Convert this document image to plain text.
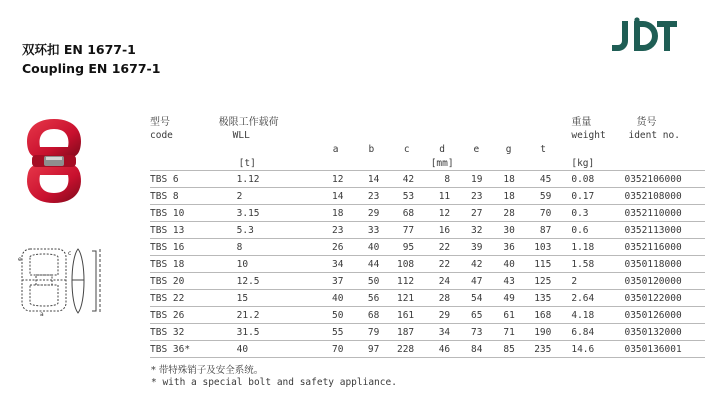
双环扣 EN 1677-1
Coupling EN 1677-1
JDT
e
a
c
型号	极限工作载荷								重量	货号
code	WLL								weight	ident no.
		a	b	c	d	e	g	t		
	[t]				[mm]				[kg]	
TBS 6	1.12	12	14	42	8	19	18	45	0.08	0352106000
TBS 8	2	14	23	53	11	23	18	59	0.17	0352108000
TBS 10	3.15	18	29	68	12	27	28	70	0.3	0352110000
TBS 13	5.3	23	33	77	16	32	30	87	0.6	0352113000
TBS 16	8	26	40	95	22	39	36	103	1.18	0352116000
TBS 18	10	34	44	108	22	42	40	115	1.58	0350118000
TBS 20	12.5	37	50	112	24	47	43	125	2	0350120000
TBS 22	15	40	56	121	28	54	49	135	2.64	0350122000
TBS 26	21.2	50	68	161	29	65	61	168	4.18	0350126000
TBS 32	31.5	55	79	187	34	73	71	190	6.84	0350132000
TBS 36*	40	70	97	228	46	84	85	235	14.6	0350136001
* 带特殊销子及安全系统。
* with a special bolt and safety appliance.
